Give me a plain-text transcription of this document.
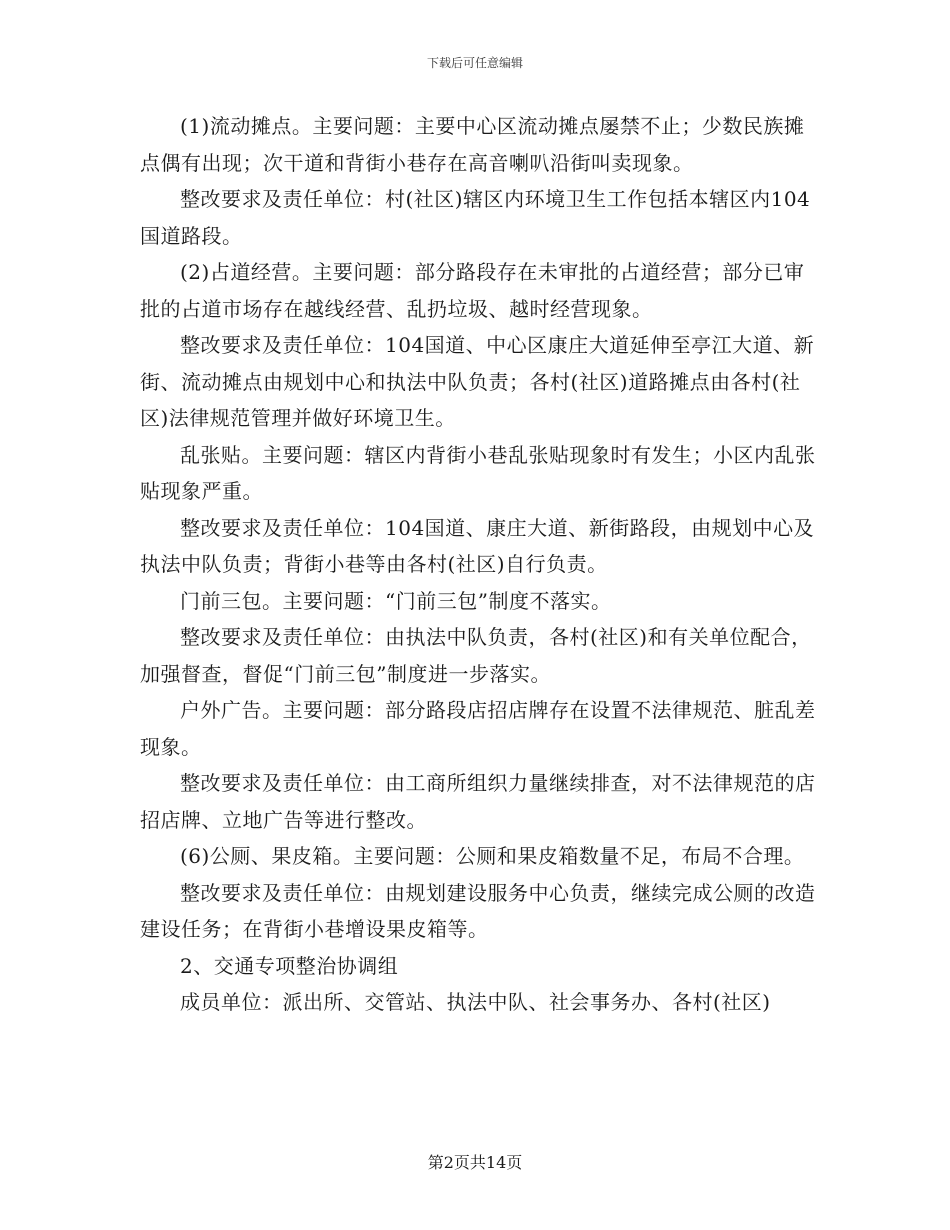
下载后可任意编辑

(1)流动摊点。主要问题：主要中心区流动摊点屡禁不止；少数民族摊点偶有出现；次干道和背街小巷存在高音喇叭沿街叫卖现象。

整改要求及责任单位：村(社区)辖区内环境卫生工作包括本辖区内104国道路段。

(2)占道经营。主要问题：部分路段存在未审批的占道经营；部分已审批的占道市场存在越线经营、乱扔垃圾、越时经营现象。

整改要求及责任单位：104国道、中心区康庄大道延伸至亭江大道、新街、流动摊点由规划中心和执法中队负责；各村(社区)道路摊点由各村(社区)法律规范管理并做好环境卫生。

乱张贴。主要问题：辖区内背街小巷乱张贴现象时有发生；小区内乱张贴现象严重。

整改要求及责任单位：104国道、康庄大道、新街路段，由规划中心及执法中队负责；背街小巷等由各村(社区)自行负责。

门前三包。主要问题：“门前三包”制度不落实。

整改要求及责任单位：由执法中队负责，各村(社区)和有关单位配合，加强督查，督促“门前三包”制度进一步落实。

户外广告。主要问题：部分路段店招店牌存在设置不法律规范、脏乱差现象。

整改要求及责任单位：由工商所组织力量继续排查，对不法律规范的店招店牌、立地广告等进行整改。

(6)公厕、果皮箱。主要问题：公厕和果皮箱数量不足，布局不合理。

整改要求及责任单位：由规划建设服务中心负责，继续完成公厕的改造建设任务；在背街小巷增设果皮箱等。

2、交通专项整治协调组

成员单位：派出所、交管站、执法中队、社会事务办、各村(社区)

第2页共14页
